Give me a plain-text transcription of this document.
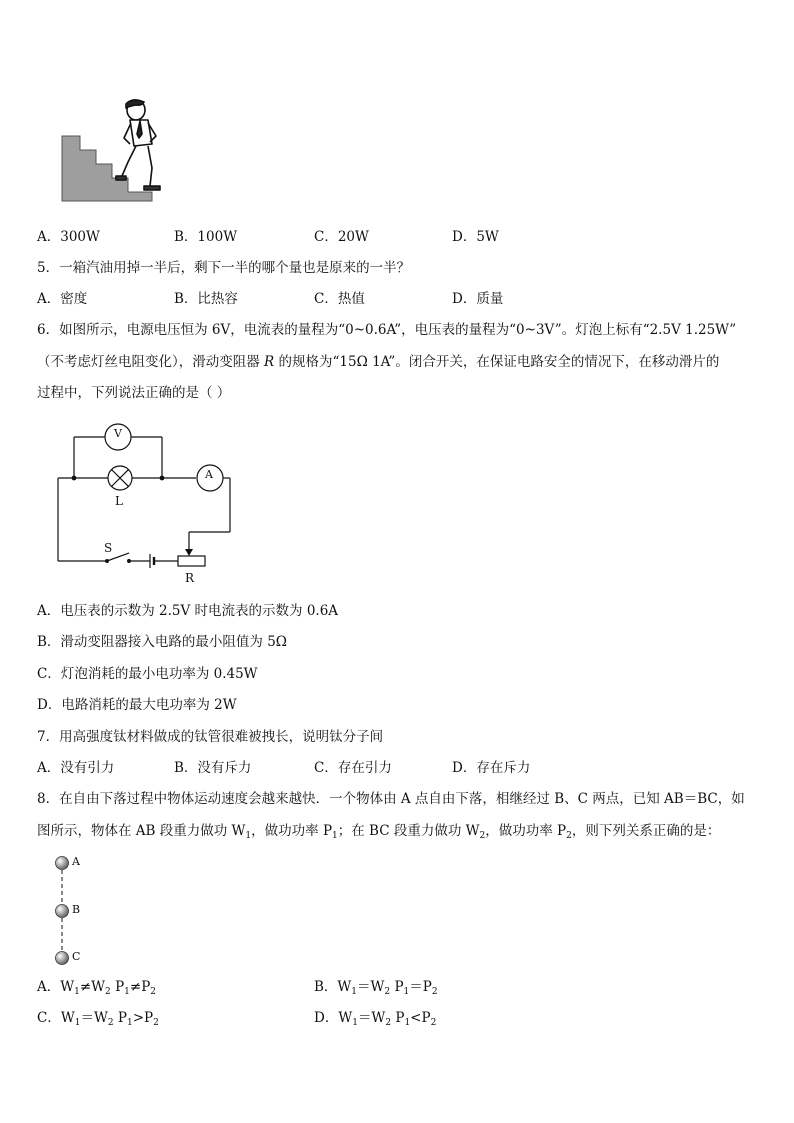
A．300W	B．100W	C．20W	D．5W
5．一箱汽油用掉一半后，剩下一半的哪个量也是原来的一半？
A．密度	B．比热容	C．热值	D．质量
6．如图所示，电源电压恒为 6V，电流表的量程为“0~0.6A”，电压表的量程为“0~3V”。灯泡上标有“2.5V 1.25W”
（不考虑灯丝电阻变化），滑动变阻器 R 的规格为“15Ω 1A”。闭合开关，在保证电路安全的情况下，在移动滑片的
过程中，下列说法正确的是（ ）
V
A
L
S
R
A．电压表的示数为 2.5V 时电流表的示数为 0.6A
B．滑动变阻器接入电路的最小阻值为 5Ω
C．灯泡消耗的最小电功率为 0.45W
D．电路消耗的最大电功率为 2W
7．用高强度钛材料做成的钛管很难被拽长，说明钛分子间
A．没有引力	B．没有斥力	C．存在引力	D．存在斥力
8．在自由下落过程中物体运动速度会越来越快．一个物体由 A 点自由下落，相继经过 B、C 两点，已知 AB＝BC，如
图所示，物体在 AB 段重力做功 $W_1$，做功功率 $P_1$；在 BC 段重力做功 $W_2$，做功功率 $P_2$，则下列关系正确的是：
A
B
C
A．$W_1\ne W_2$ $P_1\ne P_2$	B．$W_1=W_2$ $P_1=P_2$
C．$W_1=W_2$ $P_1>P_2$	D．$W_1=W_2$ $P_1<P_2$
